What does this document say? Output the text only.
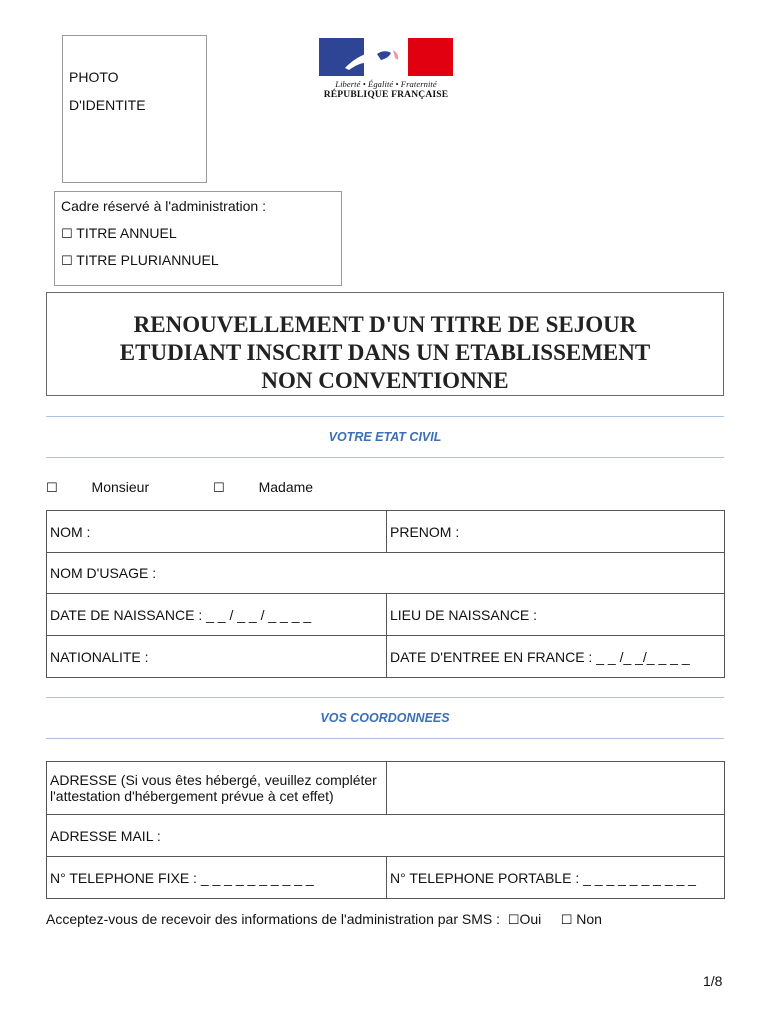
PHOTO
D'IDENTITE
Liberté • Égalité • Fraternité
RÉPUBLIQUE FRANÇAISE
Cadre réservé à l'administration :
☐ TITRE ANNUEL
☐ TITRE PLURIANNUEL
RENOUVELLEMENT D'UN TITRE DE SEJOUR
ETUDIANT INSCRIT DANS UN ETABLISSEMENT
NON CONVENTIONNE
VOTRE ETAT CIVIL
☐ Monsieur	☐ Madame
NOM :	PRENOM :
NOM D'USAGE :	
DATE DE NAISSANCE : _ _ / _ _ / _ _ _ _	LIEU DE NAISSANCE :
NATIONALITE :	DATE D'ENTREE EN FRANCE : _ _ /_ _/_ _ _ _
VOS COORDONNEES
ADRESSE (Si vous êtes hébergé, veuillez compléter l'attestation d'hébergement prévue à cet effet)	
ADRESSE MAIL :	
N° TELEPHONE FIXE : _ _ _ _ _ _ _ _ _ _	N° TELEPHONE PORTABLE : _ _ _ _ _ _ _ _ _ _
Acceptez-vous de recevoir des informations de l'administration par SMS : ☐Oui ☐ Non
1/8
